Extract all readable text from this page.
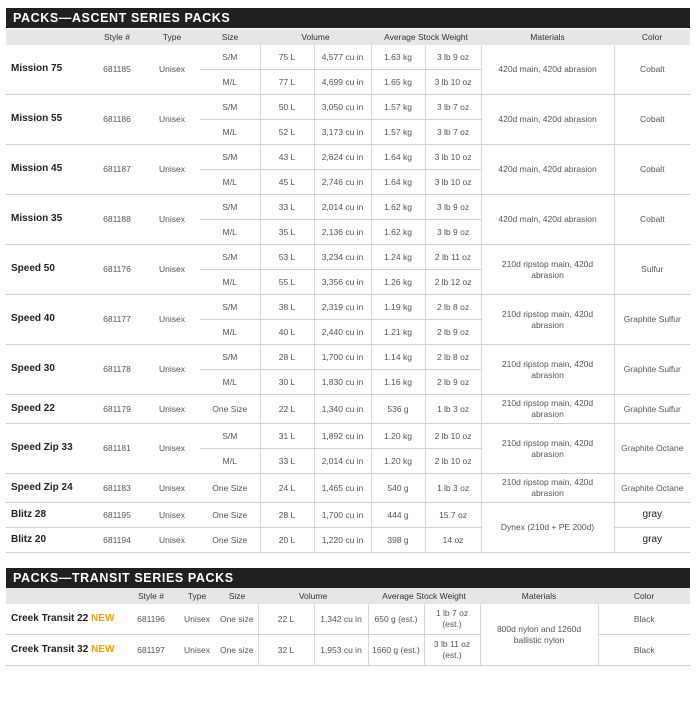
PACKS—ASCENT SERIES PACKS
	Style #	Type	Size	Volume		Average Stock Weight		Materials	Color
Mission 75	681185	Unisex	S/M	75 L	4,577 cu in	1.63 kg	3 lb 9 oz	420d main, 420d abrasion	Cobalt
			M/L	77 L	4,699 cu in	1.65 kg	3 lb 10 oz		
Mission 55	681186	Unisex	S/M	50 L	3,050 cu in	1.57 kg	3 lb 7 oz	420d main, 420d abrasion	Cobalt
			M/L	52 L	3,173 cu in	1.57 kg	3 lb 7 oz		
Mission 45	681187	Unisex	S/M	43 L	2,624 cu in	1.64 kg	3 lb 10 oz	420d main, 420d abrasion	Cobalt
			M/L	45 L	2,746 cu in	1.64 kg	3 lb 10 oz		
Mission 35	681188	Unisex	S/M	33 L	2,014 cu in	1.62 kg	3 lb 9 oz	420d main, 420d abrasion	Cobalt
			M/L	35 L	2,136 cu in	1.62 kg	3 lb 9 oz		
Speed 50	681176	Unisex	S/M	53 L	3,234 cu in	1.24 kg	2 lb 11 oz	210d ripstop main, 420d abrasion	Sulfur
			M/L	55 L	3,356 cu in	1.26 kg	2 lb 12 oz		
Speed 40	681177	Unisex	S/M	38 L	2,319 cu in	1.19 kg	2 lb 8 oz	210d ripstop main, 420d abrasion	Graphite Sulfur
			M/L	40 L	2,440 cu in	1.21 kg	2 lb 9 oz		
Speed 30	681178	Unisex	S/M	28 L	1,700 cu in	1.14 kg	2 lb 8 oz	210d ripstop main, 420d abrasion	Graphite Sulfur
			M/L	30 L	1,830 cu in	1.16 kg	2 lb 9 oz		
Speed 22	681179	Unisex	One Size	22 L	1,340 cu in	536 g	1 lb 3 oz	210d ripstop main, 420d abrasion	Graphite Sulfur
Speed Zip 33	681181	Unisex	S/M	31 L	1,892 cu in	1.20 kg	2 lb 10 oz	210d ripstop main, 420d abrasion	Graphite Octane
			M/L	33 L	2,014 cu in	1.20 kg	2 lb 10 oz		
Speed Zip 24	681183	Unisex	One Size	24 L	1,465 cu in	540 g	1 lb 3 oz	210d ripstop main, 420d abrasion	Graphite Octane
Blitz 28	681195	Unisex	One Size	28 L	1,700 cu in	444 g	15.7 oz	Dynex (210d + PE 200d)	gray
Blitz 20	681194	Unisex	One Size	20 L	1,220 cu in	398 g	14 oz		gray
PACKS—TRANSIT SERIES PACKS
	Style #	Type	Size	Volume		Average Stock Weight		Materials	Color
Creek Transit 22 NEW	681196	Unisex	One size	22 L	1,342 cu in	650 g (est.)	1 lb 7 oz (est.)	800d nylon and 1260d ballistic nylon	Black
Creek Transit 32 NEW	681197	Unisex	One size	32 L	1,953 cu in	1660 g (est.)	3 lb 11 oz (est.)		Black
